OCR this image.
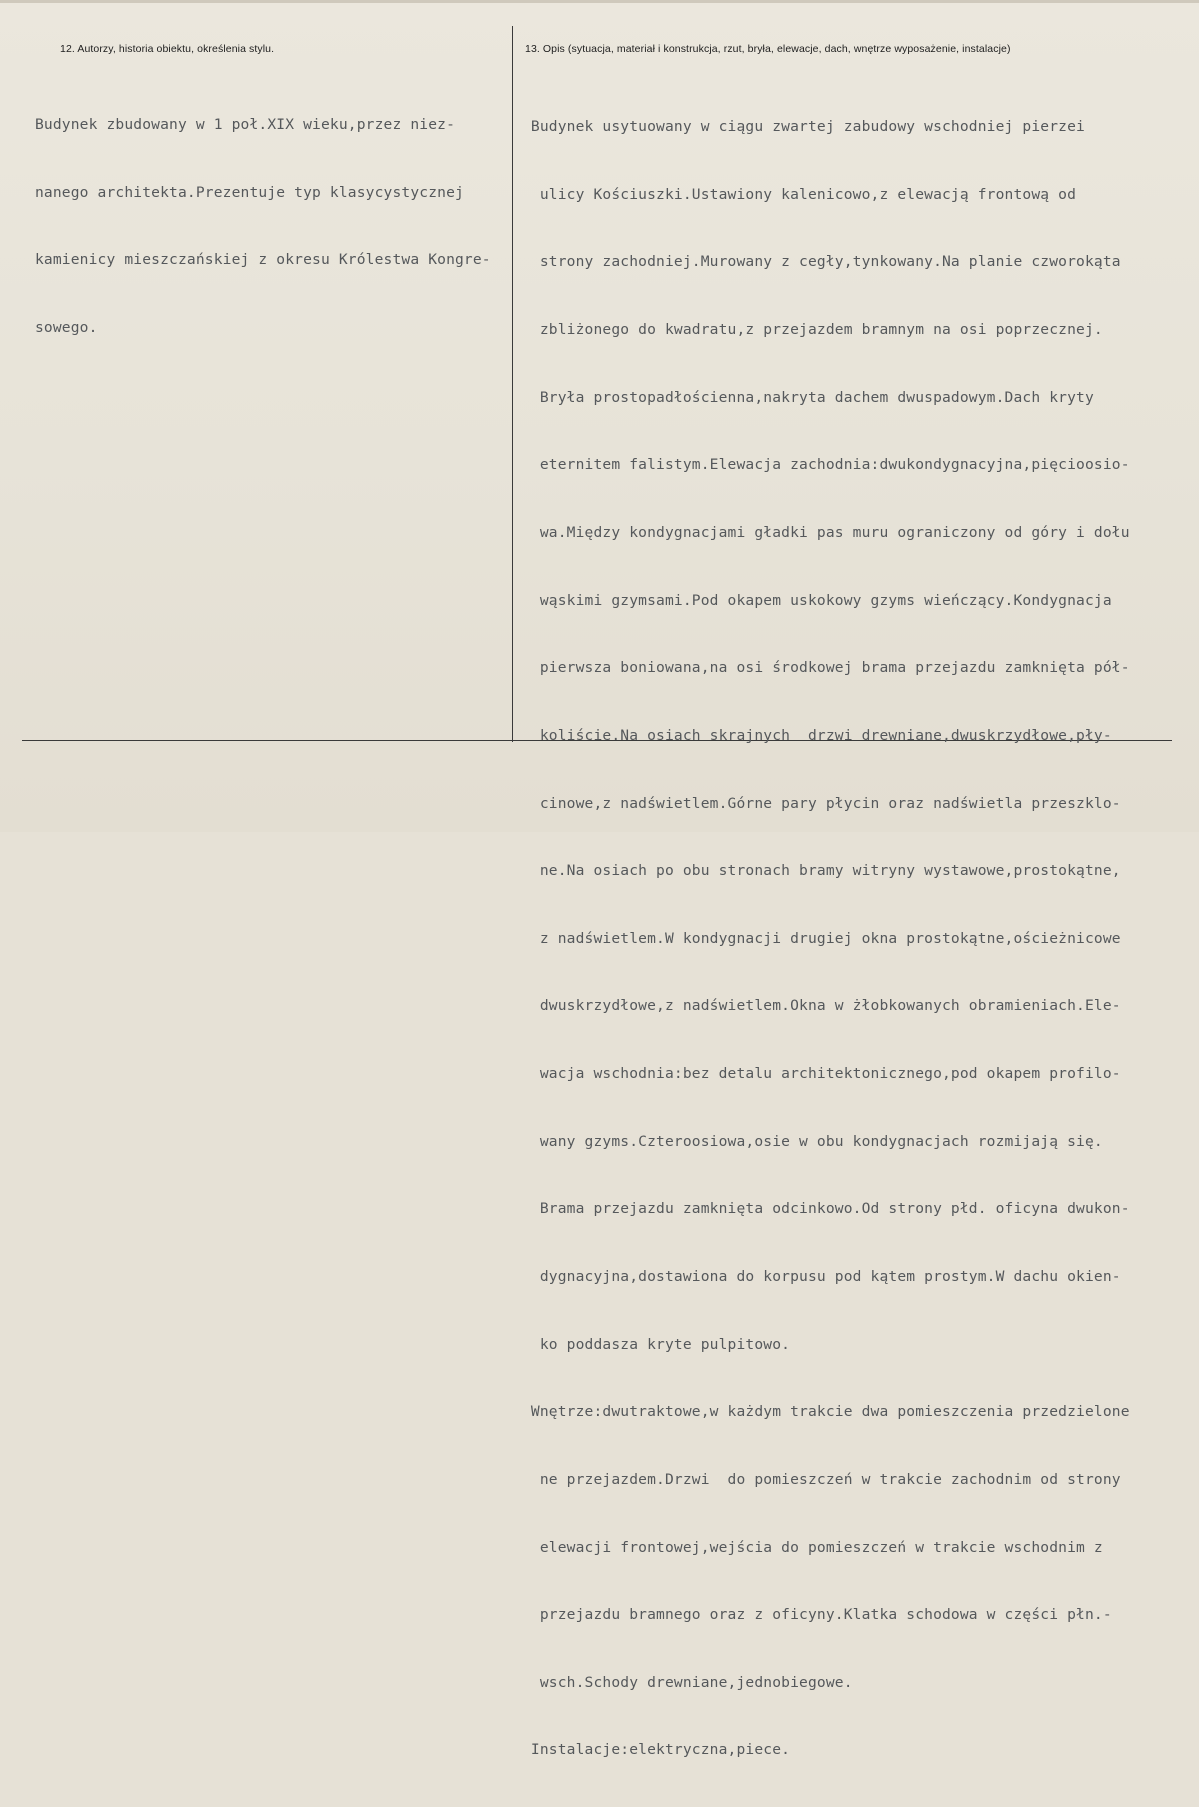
12. Autorzy, historia obiektu, określenia stylu.	13. Opis (sytuacja, materiał i konstrukcja, rzut, bryła, elewacje, dach, wnętrze wyposażenie, instalacje)

Budynek zbudowany w 1 poł.XIX wieku,przez niez-

nanego architekta.Prezentuje typ klasycystycznej

kamienicy mieszczańskiej z okresu Królestwa Kongre-

sowego.

Budynek usytuowany w ciągu zwartej zabudowy wschodniej pierzei

ulicy Kościuszki.Ustawiony kalenicowo,z elewacją frontową od

strony zachodniej.Murowany z cegły,tynkowany.Na planie czworokąta

zbliżonego do kwadratu,z przejazdem bramnym na osi poprzecznej.

Bryła prostopadłościenna,nakryta dachem dwuspadowym.Dach kryty

eternitem falistym.Elewacja zachodnia:dwukondygnacyjna,pięcioosio-

wa.Między kondygnacjami gładki pas muru ograniczony od góry i dołu

wąskimi gzymsami.Pod okapem uskokowy gzyms wieńczący.Kondygnacja

pierwsza boniowana,na osi środkowej brama przejazdu zamknięta pół-

koliście.Na osiach skrajnych  drzwi drewniane,dwuskrzydłowe,pły-

cinowe,z nadświetlem.Górne pary płycin oraz nadświetla przeszklo-

ne.Na osiach po obu stronach bramy witryny wystawowe,prostokątne,

z nadświetlem.W kondygnacji drugiej okna prostokątne,ościeżnicowe

dwuskrzydłowe,z nadświetlem.Okna w żłobkowanych obramieniach.Ele-

wacja wschodnia:bez detalu architektonicznego,pod okapem profilo-

wany gzyms.Czteroosiowa,osie w obu kondygnacjach rozmijają się.

Brama przejazdu zamknięta odcinkowo.Od strony płd. oficyna dwukon-

dygnacyjna,dostawiona do korpusu pod kątem prostym.W dachu okien-

ko poddasza kryte pulpitowo.

Wnętrze:dwutraktowe,w każdym trakcie dwa pomieszczenia przedzielone

ne przejazdem.Drzwi  do pomieszczeń w trakcie zachodnim od strony

elewacji frontowej,wejścia do pomieszczeń w trakcie wschodnim z

przejazdu bramnego oraz z oficyny.Klatka schodowa w części płn.-

wsch.Schody drewniane,jednobiegowe.

Instalacje:elektryczna,piece.
